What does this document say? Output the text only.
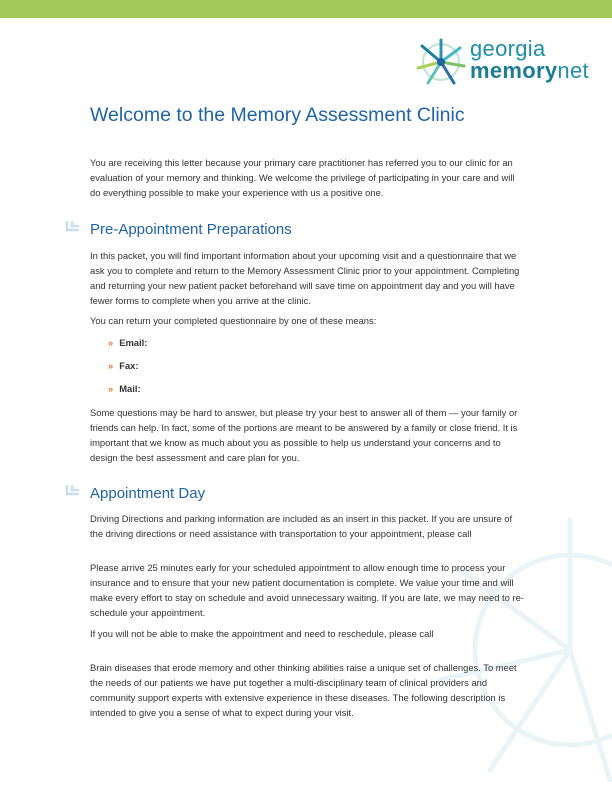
georgia
memorynet
Welcome to the Memory Assessment Clinic

You are receiving this letter because your primary care practitioner has referred you to our clinic for an evaluation of your memory and thinking. We welcome the privilege of participating in your care and will do everything possible to make your experience with us a positive one.

Pre-Appointment Preparations

In this packet, you will find important information about your upcoming visit and a questionnaire that we ask you to complete and return to the Memory Assessment Clinic prior to your appointment. Completing and returning your new patient packet beforehand will save time on appointment day and you will have fewer forms to complete when you arrive at the clinic.

You can return your completed questionnaire by one of these means:

» Email:
» Fax:
» Mail:

Some questions may be hard to answer, but please try your best to answer all of them — your family or friends can help. In fact, some of the portions are meant to be answered by a family or close friend. It is important that we know as much about you as possible to help us understand your concerns and to design the best assessment and care plan for you.

Appointment Day

Driving Directions and parking information are included as an insert in this packet. If you are unsure of the driving directions or need assistance with transportation to your appointment, please call

Please arrive 25 minutes early for your scheduled appointment to allow enough time to process your insurance and to ensure that your new patient documentation is complete. We value your time and will make every effort to stay on schedule and avoid unnecessary waiting. If you are late, we may need to re-schedule your appointment.

If you will not be able to make the appointment and need to reschedule, please call

Brain diseases that erode memory and other thinking abilities raise a unique set of challenges. To meet the needs of our patients we have put together a multi-disciplinary team of clinical providers and community support experts with extensive experience in these diseases. The following description is intended to give you a sense of what to expect during your visit.
